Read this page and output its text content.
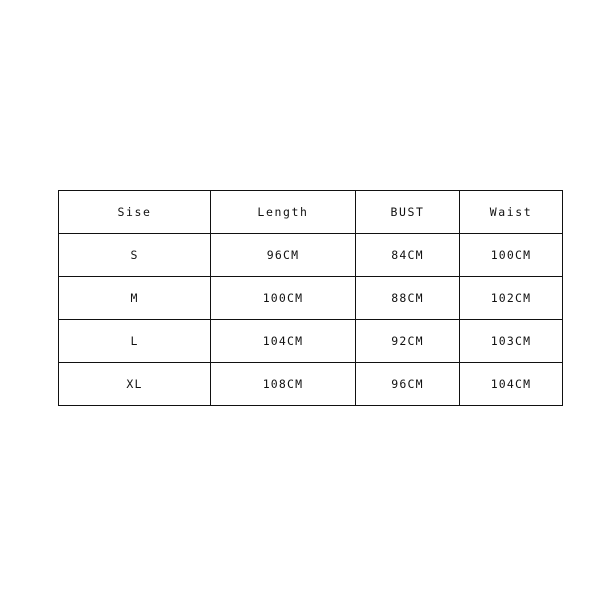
Sise	Length	BUST	Waist
S	96CM	84CM	100CM
M	100CM	88CM	102CM
L	104CM	92CM	103CM
XL	108CM	96CM	104CM
